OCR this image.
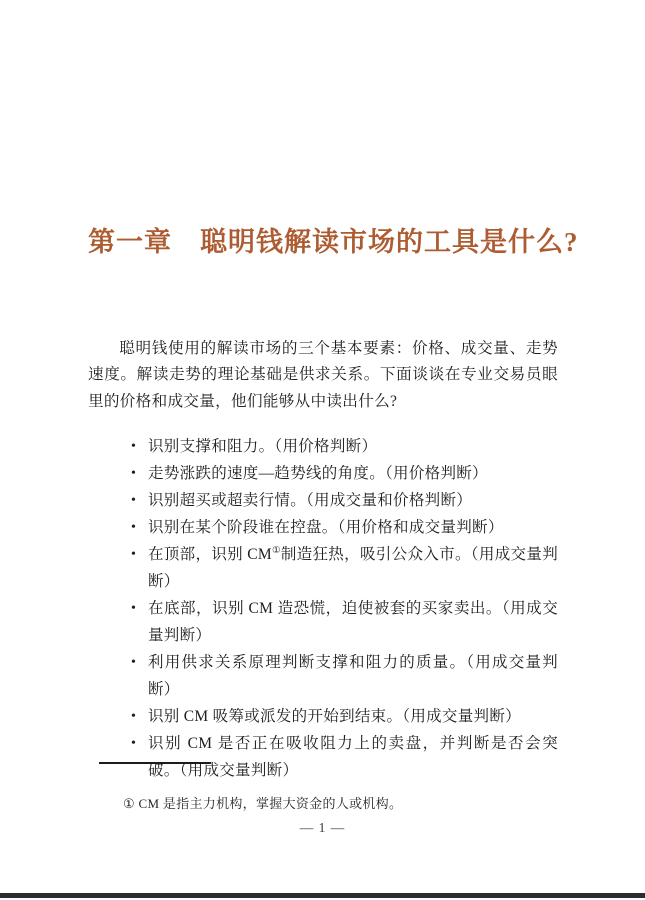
第一章　聪明钱解读市场的工具是什么?

聪明钱使用的解读市场的三个基本要素：价格、成交量、走势速度。解读走势的理论基础是供求关系。下面谈谈在专业交易员眼里的价格和成交量，他们能够从中读出什么?

• 识别支撑和阻力。（用价格判断）
• 走势涨跌的速度—趋势线的角度。（用价格判断）
• 识别超买或超卖行情。（用成交量和价格判断）
• 识别在某个阶段谁在控盘。（用价格和成交量判断）
• 在顶部，识别 CM①制造狂热，吸引公众入市。（用成交量判断）
• 在底部，识别 CM 造恐慌，迫使被套的买家卖出。（用成交量判断）
• 利用供求关系原理判断支撑和阻力的质量。（用成交量判断）
• 识别 CM 吸筹或派发的开始到结束。（用成交量判断）
• 识别 CM 是否正在吸收阻力上的卖盘，并判断是否会突破。（用成交量判断）

① CM 是指主力机构，掌握大资金的人或机构。

— 1 —
